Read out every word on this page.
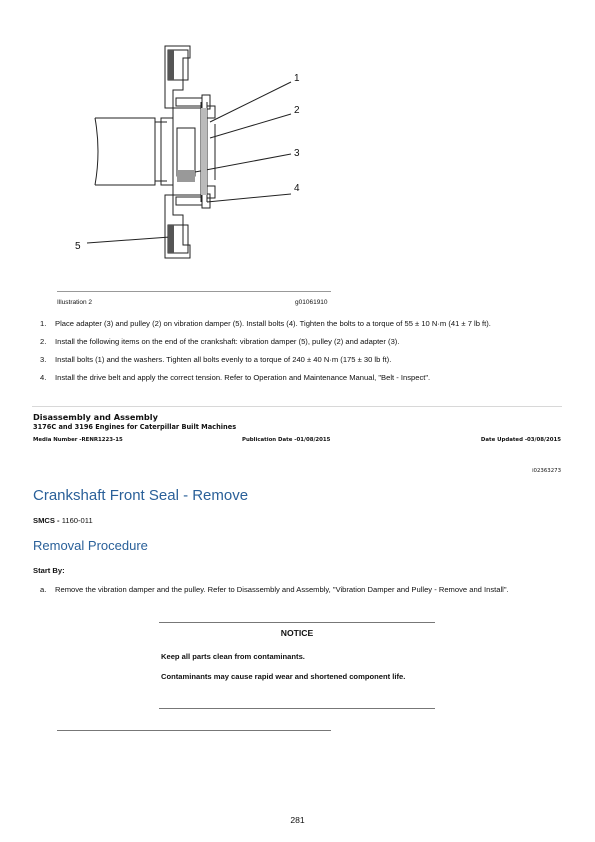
1
2
3
4
5
Illustration 2	g01061910
1.	Place adapter (3) and pulley (2) on vibration damper (5). Install bolts (4). Tighten the bolts to a torque of 55 ± 10 N·m (41 ± 7 lb ft).
2.	Install the following items on the end of the crankshaft: vibration damper (5), pulley (2) and adapter (3).
3.	Install bolts (1) and the washers. Tighten all bolts evenly to a torque of 240 ± 40 N·m (175 ± 30 lb ft).
4.	Install the drive belt and apply the correct tension. Refer to Operation and Maintenance Manual, "Belt - Inspect".
Disassembly and Assembly
3176C and 3196 Engines for Caterpillar Built Machines
Media Number -RENR1223-15	Publication Date -01/08/2015	Date Updated -03/08/2015
i02363273
Crankshaft Front Seal - Remove
SMCS - 1160-011
Removal Procedure
Start By:
a.	Remove the vibration damper and the pulley. Refer to Disassembly and Assembly, "Vibration Damper and Pulley - Remove and Install".
NOTICE
Keep all parts clean from contaminants.
Contaminants may cause rapid wear and shortened component life.
281
